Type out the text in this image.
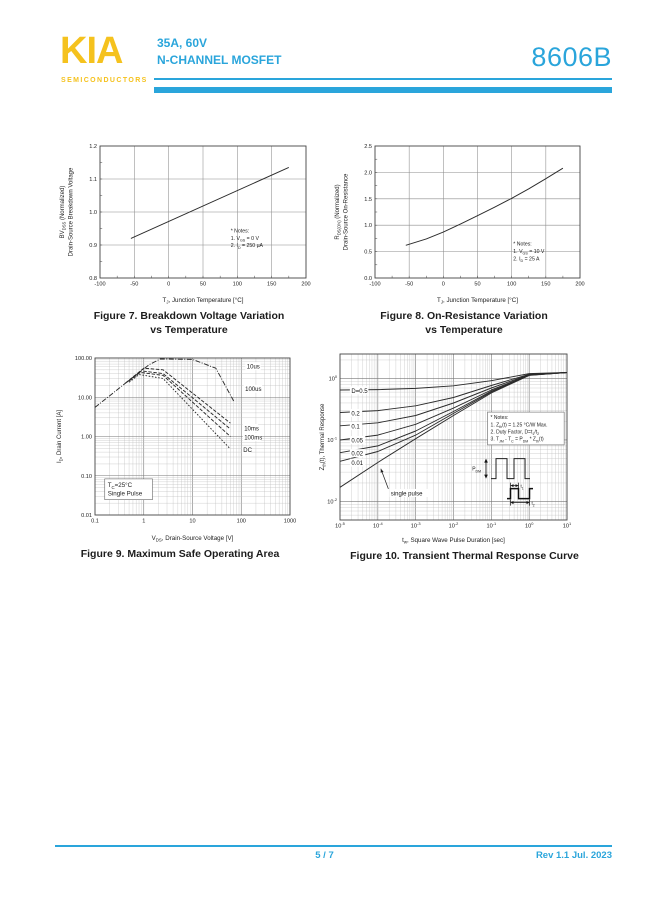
KIA
SEMICONDUCTORS
35A, 60V
N-CHANNEL MOSFET	8606B
-100	-50	0	50	100	150	200
0.8
0.9
1.0
1.1
1.2
* Notes:
1. $V_{GS} = 0$ V
2. $I_D = 250$ μA
$T_J$, Junction Temperature [°C]
$BV_{DSS}$ (Normalized) Drain-Source Breakdown Voltage
Figure 7. Breakdown Voltage Variation
vs Temperature
-100	-50	0	50	100	150	200
0.0
0.5
1.0
1.5
2.0
2.5
* Notes:
1. $V_{GS} = 10$ V
2. $I_D = 25$ A
$T_J$, Junction Temperature [°C]
$R_{DS(ON)}$ (Normalized) Drain-Source On-Resistance
Figure 8. On-Resistance Variation
vs Temperature
0.1	1	10	100	1000
0.01
0.10
1.00
10.00
100.00
10us
100us
10ms
100ms
DC
$T_C=25^\circ C$
Single Pulse
$V_{DS}$, Drain-Source Voltage [V]
$I_D$, Drain Current [A]
Figure 9. Maximum Safe Operating Area
$10^{-5}$	$10^{-4}$	$10^{-3}$	$10^{-2}$	$10^{-1}$	$10^0$	$10^1$
$10^{-2}$
$10^{-1}$
$10^0$
D=0.5
0.2
0.1
0.05
0.02
0.01
single pulse
* Notes:
1. $Z_{th}(t) = 1.25$ °C/W Max.
2. Duty Factor, $D=t_1/t_2$
3. $T_{JM} - T_C = P_{DM} * Z_{th}(t)$
$P_{DM}$
$t_1$
$t_2$
$t_w$, Square Wave Pulse Duration [sec]
$Z_{th}(t)$, Thermal Response
Figure 10. Transient Thermal Response Curve
5 / 7	Rev 1.1 Jul. 2023
